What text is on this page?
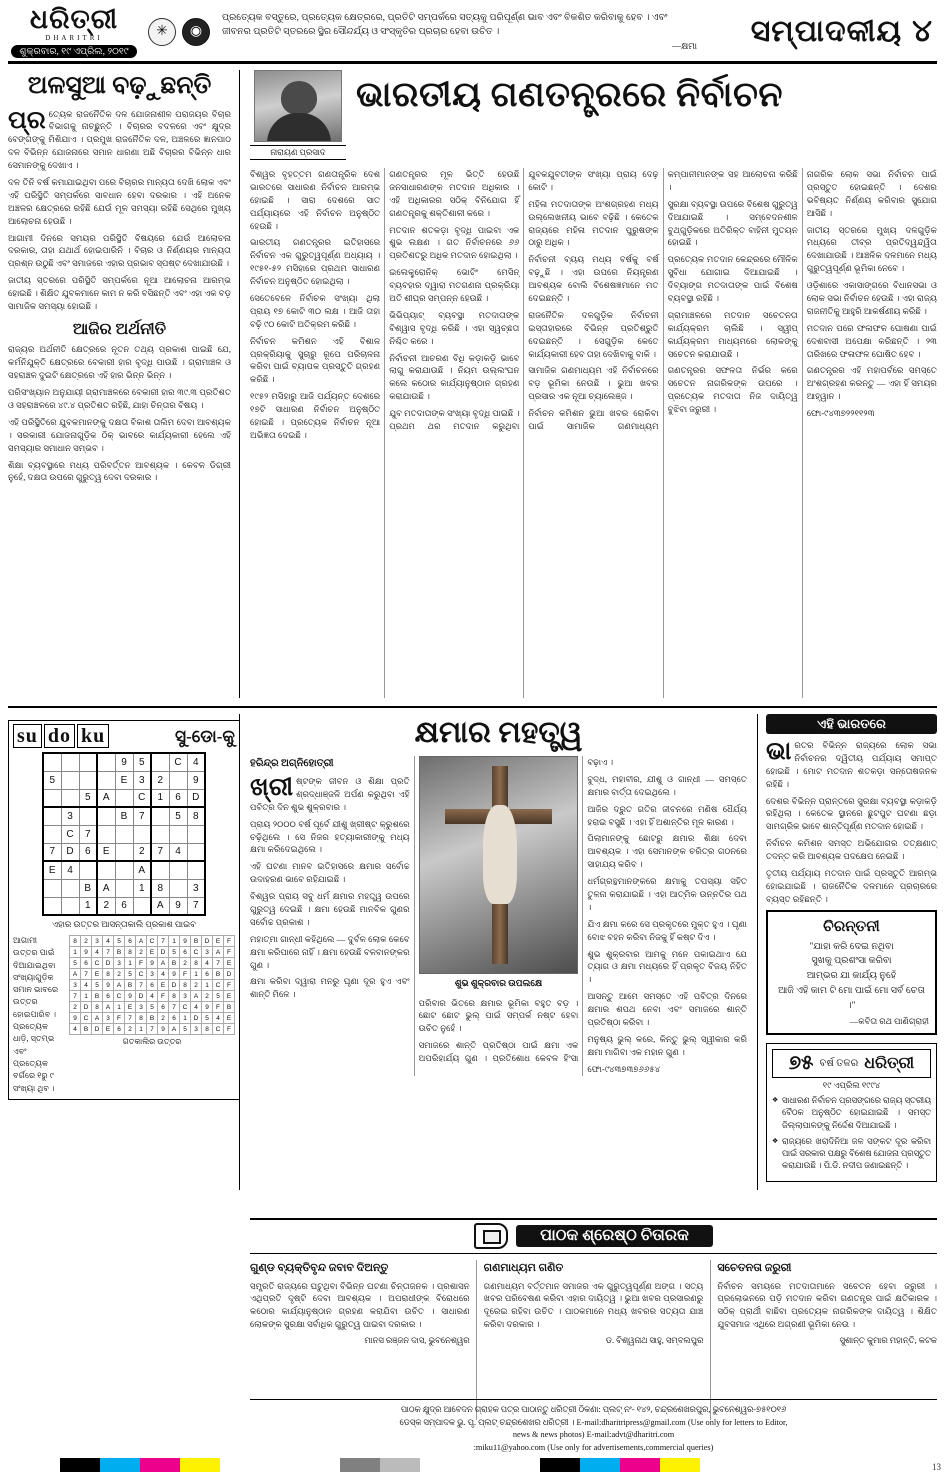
ଧରିତ୍ରୀ
DHARITRI
ଶୁକ୍ରବାର, ୧୯ ଏପ୍ରିଲ, ୨୦୧୯
✳	◉
ପ୍ରତ୍ୟେକ ବସ୍ତୁରେ, ପ୍ରତ୍ୟେକ କ୍ଷେତ୍ରରେ, ପ୍ରତିଟି ସମ୍ପର୍କରେ ସତ୍ୟକୁ ପରିପୂର୍ଣ୍ଣ ଭାବ ଏବଂ ବିକଶିତ କରିବାକୁ ହେବ । ଏବଂ ଜୀବନର ପ୍ରତିଟି ସ୍ତରରେ ସ୍ଥିର ସୌନ୍ଦର୍ଯ୍ୟ ଓ ସଂସ୍କୃତିର ପ୍ରଚାର ହେବା ଉଚିତ ।
—କ୍ଷମା ସମ୍ପାଦକୀୟ ୪
ଅଳସୁଆ ବଢ଼ୁଛନ୍ତି

ପ୍ରତ୍ୟେକ ରାଜନୈତିକ ଦଳ ଯୋଜନାଶୀଳ ପରାଜୟର ବିଚାର ବିଭାଗକୁ ନାଚ୍ଛୁନ୍ତି । ବିଚାରର ବଦଳରେ ଏବଂ କ୍ଷୁଦ୍ର ବେଙ୍ଗଙ୍କୁ ମିଶିଯାଏ । ପ୍ରମୁଖ ରାଜନୈତିକ ଦଳ, ଅଞ୍ଚଳରେ ଜ୍ଞାନପାଠ ଦଳ ବିଭିନ୍ନ ଯୋଜନାରେ ସମାନ ଧାରଣା ଅଛି ବିଚାରର ବିଭିନ୍ନ ଧାର ସେମାନଙ୍କୁ ଦେଖାଏ ।

ଦଳ ତିନି ବର୍ଷ କମାଯାଇଥିବା ପରେ ବିଚାରର ମାନ୍ୟତା ଦେଖି ଲୋକ ଏବଂ ଏହି ପରିସ୍ଥିତି ସମ୍ପର୍କରେ ସାବଧାନ ହେବା ଦରକାର । ଏହି ଅନେକ ଅଞ୍ଚଳର କ୍ଷେତ୍ରରେ ରହିଛି ଯେଉଁ ମୂଳ ସମସ୍ୟା ରହିଛି ସେଥିରେ ମୁଖ୍ୟ ଆଲୋଚନା ହେଉଛି ।

ଆଗାମୀ ଦିନରେ ସମୟର ପରିସ୍ଥିତି ବିଷୟରେ ଯେଉଁ ଆଲୋଚନା ଦରକାର, ତାହା ଯଥାର୍ଥ ହୋଇପାରିନି । ବିଚାର ଓ ନିର୍ଣ୍ଣୟର ମାନ୍ୟତା ପ୍ରଶ୍ନ ଉଠୁଛି ଏବଂ ସମାଜରେ ଏହାର ପ୍ରଭାବ ସ୍ପଷ୍ଟ ଦେଖାଯାଉଛି ।

ଜାତୀୟ ସ୍ତରରେ ପରିସ୍ଥିତି ସମ୍ପର୍କରେ ନୂଆ ଆଲୋଚନା ଆରମ୍ଭ ହୋଇଛି । ଶିକ୍ଷିତ ଯୁବକମାନେ କାମ ନ କରି ବସିଛନ୍ତି ଏବଂ ଏହା ଏକ ବଡ଼ ସାମାଜିକ ସମସ୍ୟା ହୋଇଛି ।

ଆଜିର ଅର୍ଥନୀତି

ରାଜ୍ୟର ଅର୍ଥନୀତି କ୍ଷେତ୍ରରେ ନୂତନ ତଥ୍ୟ ପ୍ରକାଶ ପାଇଛି ଯେ, କର୍ମନିଯୁକ୍ତି କ୍ଷେତ୍ରରେ ବେକାରୀ ହାର ବୃଦ୍ଧି ପାଉଛି । ଗ୍ରାମାଞ୍ଚଳ ଓ ସହରାଞ୍ଚଳ ଦୁଇଟି କ୍ଷେତ୍ରରେ ଏହି ହାର ଭିନ୍ନ ଭିନ୍ନ ।

ପରିସଂଖ୍ୟାନ ଅନୁଯାୟୀ ଗ୍ରାମାଞ୍ଚଳରେ ବେକାରୀ ହାର ୩୯.୩ ପ୍ରତିଶତ ଓ ସହରାଞ୍ଚଳରେ ୪୯.୪ ପ୍ରତିଶତ ରହିଛି, ଯାହା ଚିନ୍ତାର ବିଷୟ ।

ଏହି ପରିସ୍ଥିତିରେ ଯୁବକମାନଙ୍କୁ ଦକ୍ଷତା ବିକାଶ ତାଲିମ ଦେବା ଆବଶ୍ୟକ । ସରକାରୀ ଯୋଜନାଗୁଡ଼ିକ ଠିକ୍ ଭାବରେ କାର୍ଯ୍ୟକାରୀ ହେଲେ ଏହି ସମସ୍ୟାର ସମାଧାନ ସମ୍ଭବ ।

ଶିକ୍ଷା ବ୍ୟବସ୍ଥାରେ ମଧ୍ୟ ପରିବର୍ତ୍ତନ ଆବଶ୍ୟକ । କେବଳ ଡିଗ୍ରୀ ନୁହେଁ, ଦକ୍ଷତା ଉପରେ ଗୁରୁତ୍ୱ ଦେବା ଦରକାର ।

ନାରାୟଣ ପ୍ରସାଦ
ଭାରତୀୟ ଗଣତନ୍ତ୍ରରେ ନିର୍ବାଚନ

ବିଶ୍ୱର ବୃହତ୍ତମ ଗଣତାନ୍ତ୍ରିକ ଦେଶ ଭାରତରେ ସାଧାରଣ ନିର୍ବାଚନ ଆରମ୍ଭ ହୋଇଛି । ସାରା ଦେଶରେ ସାତ ପର୍ଯ୍ୟାୟରେ ଏହି ନିର୍ବାଚନ ଅନୁଷ୍ଠିତ ହେଉଛି ।

ଭାରତୀୟ ଗଣତନ୍ତ୍ରର ଇତିହାସରେ ନିର୍ବାଚନ ଏକ ଗୁରୁତ୍ୱପୂର୍ଣ୍ଣ ଅଧ୍ୟାୟ । ୧୯୫୧-୫୨ ମସିହାରେ ପ୍ରଥମ ସାଧାରଣ ନିର୍ବାଚନ ଅନୁଷ୍ଠିତ ହୋଇଥିଲା ।

ସେତେବେଳେ ନିର୍ବାଚକ ସଂଖ୍ୟା ଥିଲା ପ୍ରାୟ ୧୭ କୋଟି ୩୦ ଲକ୍ଷ । ଆଜି ତାହା ବଢ଼ି ୯୦ କୋଟି ଅତିକ୍ରମ କରିଛି ।

ନିର୍ବାଚନ କମିଶନ ଏହି ବିଶାଳ ପ୍ରକ୍ରିୟାକୁ ସୁଚାରୁ ରୂପେ ପରିଚାଳନା କରିବା ପାଇଁ ବ୍ୟାପକ ପ୍ରସ୍ତୁତି ଗ୍ରହଣ କରିଛି ।

୧୯୫୨ ମସିହାରୁ ଆଜି ପର୍ଯ୍ୟନ୍ତ ଦେଶରେ ୧୭ଟି ସାଧାରଣ ନିର୍ବାଚନ ଅନୁଷ୍ଠିତ ହୋଇଛି । ପ୍ରତ୍ୟେକ ନିର୍ବାଚନ ନୂଆ ଅଭିଜ୍ଞତା ଦେଇଛି ।

ଗଣତନ୍ତ୍ରର ମୂଳ ଭିତ୍ତି ହେଉଛି ଜନସାଧାରଣଙ୍କ ମତଦାନ ଅଧିକାର । ଏହି ଅଧିକାରର ସଠିକ୍ ବିନିଯୋଗ ହିଁ ଗଣତନ୍ତ୍ରକୁ ଶକ୍ତିଶାଳୀ କରେ ।

ମତଦାନ ଶତକଡ଼ା ବୃଦ୍ଧି ପାଇବା ଏକ ଶୁଭ ଲକ୍ଷଣ । ଗତ ନିର୍ବାଚନରେ ୬୬ ପ୍ରତିଶତରୁ ଅଧିକ ମତଦାନ ହୋଇଥିଲା ।

ଇଲେକ୍ଟ୍ରୋନିକ୍ ଭୋଟିଂ ମେସିନ୍ ବ୍ୟବହାର ଦ୍ୱାରା ମତଗଣନା ପ୍ରକ୍ରିୟା ଅତି ଶୀଘ୍ର ସମ୍ପନ୍ନ ହେଉଛି ।

ଭିଭିପ୍ୟାଟ୍ ବ୍ୟବସ୍ଥା ମତଦାତାଙ୍କ ବିଶ୍ୱାସ ବୃଦ୍ଧି କରିଛି । ଏହା ସ୍ୱଚ୍ଛତା ନିଶ୍ଚିତ କରେ ।

ନିର୍ବାଚନୀ ଆଚରଣ ବିଧି କଡ଼ାକଡ଼ି ଭାବେ ଲାଗୁ କରାଯାଉଛି । ନିୟମ ଉଲ୍ଲଂଘନ କଲେ କଠୋର କାର୍ଯ୍ୟାନୁଷ୍ଠାନ ଗ୍ରହଣ କରାଯାଉଛି ।

ଯୁବ ମତଦାତାଙ୍କ ସଂଖ୍ୟା ବୃଦ୍ଧି ପାଇଛି । ପ୍ରଥମ ଥର ମତଦାନ କରୁଥିବା ଯୁବକଯୁବତୀଙ୍କ ସଂଖ୍ୟା ପ୍ରାୟ ଦେଢ଼ କୋଟି ।

ମହିଳା ମତଦାତାଙ୍କ ଅଂଶଗ୍ରହଣ ମଧ୍ୟ ଉଲ୍ଲେଖନୀୟ ଭାବେ ବଢ଼ିଛି । କେତେକ ରାଜ୍ୟରେ ମହିଳା ମତଦାନ ପୁରୁଷଙ୍କ ଠାରୁ ଅଧିକ ।

ନିର୍ବାଚନୀ ବ୍ୟୟ ମଧ୍ୟ ବର୍ଷକୁ ବର୍ଷ ବଢ଼ୁଛି । ଏହା ଉପରେ ନିୟନ୍ତ୍ରଣ ଆବଶ୍ୟକ ବୋଲି ବିଶେଷଜ୍ଞମାନେ ମତ ଦେଇଛନ୍ତି ।

ରାଜନୈତିକ ଦଳଗୁଡ଼ିକ ନିର୍ବାଚନୀ ଇସ୍ତାହାରରେ ବିଭିନ୍ନ ପ୍ରତିଶ୍ରୁତି ଦେଇଛନ୍ତି । ସେଗୁଡ଼ିକ କେତେ କାର୍ଯ୍ୟକାରୀ ହେବ ତାହା ଦେଖିବାକୁ ବାକି ।

ସାମାଜିକ ଗଣମାଧ୍ୟମ ଏହି ନିର୍ବାଚନରେ ବଡ଼ ଭୂମିକା ନେଉଛି । ଭୁଆ ଖବର ପ୍ରସାର ଏକ ନୂଆ ଚ୍ୟାଲେଞ୍ଜ ।

ନିର୍ବାଚନ କମିଶନ ଭୁଆ ଖବର ରୋକିବା ପାଇଁ ସାମାଜିକ ଗଣମାଧ୍ୟମ କମ୍ପାନୀମାନଙ୍କ ସହ ଆଲୋଚନା କରିଛି ।

ସୁରକ୍ଷା ବ୍ୟବସ୍ଥା ଉପରେ ବିଶେଷ ଗୁରୁତ୍ୱ ଦିଆଯାଇଛି । ସମ୍ବେଦନଶୀଳ ବୁଥ୍‌ଗୁଡ଼ିକରେ ଅତିରିକ୍ତ ବାହିନୀ ମୁତୟନ ହୋଇଛି ।

ପ୍ରତ୍ୟେକ ମତଦାନ କେନ୍ଦ୍ରରେ ମୌଳିକ ସୁବିଧା ଯୋଗାଇ ଦିଆଯାଇଛି । ଦିବ୍ୟାଙ୍ଗ ମତଦାତାଙ୍କ ପାଇଁ ବିଶେଷ ବ୍ୟବସ୍ଥା ରହିଛି ।

ଗ୍ରାମାଞ୍ଚଳରେ ମତଦାନ ସଚେତନତା କାର୍ଯ୍ୟକ୍ରମ ଚାଲିଛି । ସ୍ୱୀପ୍ କାର୍ଯ୍ୟକ୍ରମ ମାଧ୍ୟମରେ ଲୋକଙ୍କୁ ସଚେତନ କରାଯାଉଛି ।

ଗଣତନ୍ତ୍ରର ସଫଳତା ନିର୍ଭର କରେ ସଚେତନ ନାଗରିକଙ୍କ ଉପରେ । ପ୍ରତ୍ୟେକ ମତଦାତା ନିଜ ଦାୟିତ୍ୱ ବୁଝିବା ଜରୁରୀ ।

ନାଗରିକ ଲୋକ ସଭା ନିର୍ବାଚନ ପାଇଁ ପ୍ରସ୍ତୁତ ହୋଇଛନ୍ତି । ଦେଶର ଭବିଷ୍ୟତ ନିର୍ଣ୍ଣୟ କରିବାର ସୁଯୋଗ ଆସିଛି ।

ଜାତୀୟ ସ୍ତରରେ ମୁଖ୍ୟ ଦଳଗୁଡ଼ିକ ମଧ୍ୟରେ ତୀବ୍ର ପ୍ରତିଦ୍ୱନ୍ଦ୍ୱିତା ଦେଖାଯାଉଛି । ଆଞ୍ଚଳିକ ଦଳମାନେ ମଧ୍ୟ ଗୁରୁତ୍ୱପୂର୍ଣ୍ଣ ଭୂମିକା ନେବେ ।

ଓଡ଼ିଶାରେ ଏକାସାଙ୍ଗରେ ବିଧାନସଭା ଓ ଲୋକ ସଭା ନିର୍ବାଚନ ହେଉଛି । ଏହା ରାଜ୍ୟ ରାଜନୀତିକୁ ଆହୁରି ଆକର୍ଷଣୀୟ କରିଛି ।

ମତଦାନ ପରେ ଫଳାଫଳ ଘୋଷଣା ପାଇଁ ଦେଶବାସୀ ଅପେକ୍ଷା କରିଛନ୍ତି । ୨୩ ତାରିଖରେ ଫଳାଫଳ ଘୋଷିତ ହେବ ।

ଗଣତନ୍ତ୍ରର ଏହି ମହାପର୍ବରେ ସମସ୍ତେ ଅଂଶଗ୍ରହଣ କରନ୍ତୁ — ଏହା ହିଁ ସମୟର ଆହ୍ୱାନ ।

ଫୋ-୯୪୩୭୨୨୧୧୨୩

su do ku	ସୁ-ଡୋ-କୁ
				9	5		C	4
5				E	3	2		9
		5	A		C	1	6	D
	3			B	7		5	8
	C	7						
7	D	6	E		2	7	4	
E	4				A			
		B	A		1	8		3
		1	2	6		A	9	7
ଏହାର ଉତ୍ତର ଆସନ୍ତାକାଲି ପ୍ରକାଶ ପାଇବ
ଆଗାମୀ ଉତ୍ତର ପାଇଁ ଦିଆଯାଇଥିବା ସଂଖ୍ୟାଗୁଡ଼ିକ ସମାନ ଭାବରେ ଉତ୍ତର ହୋଇପାରିବ । ପ୍ରତ୍ୟେକ ଧାଡ଼ି, ସ୍ତମ୍ଭ ଏବଂ ପ୍ରତ୍ୟେକ ବର୍ଗରେ ୧ରୁ ୯ ସଂଖ୍ୟା ଥିବ ।
8	2	3	4	5	6	A	C	7	1	9	B	D	E	F
1	9	4	7	B	8	2	E	D	5	6	C	3	A	F
5	6	C	D	3	1	F	9	A	B	2	8	4	7	E
A	7	E	8	2	5	C	3	4	9	F	1	6	B	D
3	4	5	9	A	B	7	6	E	D	8	2	1	C	F
7	1	B	6	C	9	D	4	F	8	3	A	2	5	E
2	D	8	A	1	E	3	5	6	7	C	4	9	F	B
9	C	A	3	F	7	8	B	2	6	1	D	5	4	E
4	B	D	E	6	2	1	7	9	A	5	3	8	C	F
ଗତକାଲିର ଉତ୍ତର
କ୍ଷମାର ମହତ୍ତ୍ୱ
ହରିନ୍ଦ୍ର ଅଗ୍ନିହୋତ୍ରୀ

ଖ୍ରୀଷ୍ଟଙ୍କ ଜୀବନ ଓ ଶିକ୍ଷା ପ୍ରତି ଶ୍ରଦ୍ଧାଞ୍ଜଳି ଅର୍ପଣ କରୁଥିବା ଏହି ପବିତ୍ର ଦିନ ଶୁଭ ଶୁକ୍ରବାର ।

ପ୍ରାୟ ୨୦୦୦ ବର୍ଷ ପୂର୍ବେ ଯୀଶୁ ଖ୍ରୀଷ୍ଟ କ୍ରୁଶରେ ଚଢ଼ିଥିଲେ । ସେ ନିଜର ହତ୍ୟାକାରୀଙ୍କୁ ମଧ୍ୟ କ୍ଷମା କରିଦେଇଥିଲେ ।

ଏହି ଘଟଣା ମାନବ ଇତିହାସରେ କ୍ଷମାର ସର୍ବୋଚ୍ଚ ଉଦାହରଣ ଭାବେ ରହିଯାଇଛି ।

ବିଶ୍ୱର ପ୍ରାୟ ସବୁ ଧର୍ମ କ୍ଷମାର ମହତ୍ତ୍ୱ ଉପରେ ଗୁରୁତ୍ୱ ଦେଇଛି । କ୍ଷମା ହେଉଛି ମାନବିକ ଗୁଣର ସର୍ବୋଚ୍ଚ ପ୍ରକାଶ ।

ମହାତ୍ମା ଗାନ୍ଧୀ କହିଥିଲେ — ଦୁର୍ବଳ ଲୋକ କେବେ କ୍ଷମା କରିପାରେ ନାହିଁ । କ୍ଷମା ହେଉଛି ବଳବାନଙ୍କର ଗୁଣ ।

କ୍ଷମା କରିବା ଦ୍ୱାରା ମନରୁ ଘୃଣା ଦୂର ହୁଏ ଏବଂ ଶାନ୍ତି ମିଳେ ।

ଶୁଭ ଶୁକ୍ରବାର ଉପଲକ୍ଷେ

ପରିବାର ଭିତରେ କ୍ଷମାର ଭୂମିକା ବହୁତ ବଡ଼ । ଛୋଟ ଛୋଟ ଭୁଲ୍ ପାଇଁ ସମ୍ପର୍କ ନଷ୍ଟ ହେବା ଉଚିତ ନୁହେଁ ।

ସମାଜରେ ଶାନ୍ତି ପ୍ରତିଷ୍ଠା ପାଇଁ କ୍ଷମା ଏକ ଅପରିହାର୍ଯ୍ୟ ଗୁଣ । ପ୍ରତିଶୋଧ କେବଳ ହିଂସା ବଢ଼ାଏ ।

ବୁଦ୍ଧ, ମହାବୀର, ଯୀଶୁ ଓ ଗାନ୍ଧୀ — ସମସ୍ତେ କ୍ଷମାର ବାର୍ତ୍ତା ଦେଇଥିଲେ ।

ଆଜିର ଦ୍ରୁତ ଗତିର ଜୀବନରେ ମଣିଷ ଧୈର୍ଯ୍ୟ ହରାଇ ବସୁଛି । ଏହା ହିଁ ଅଶାନ୍ତିର ମୂଳ କାରଣ ।

ପିଲାମାନଙ୍କୁ ଛୋଟରୁ କ୍ଷମାର ଶିକ୍ଷା ଦେବା ଆବଶ୍ୟକ । ଏହା ସେମାନଙ୍କ ଚରିତ୍ର ଗଠନରେ ସାହାଯ୍ୟ କରିବ ।

ଧର୍ମଗ୍ରନ୍ଥମାନଙ୍କରେ କ୍ଷମାକୁ ତପସ୍ୟା ସହିତ ତୁଳନା କରାଯାଇଛି । ଏହା ଆତ୍ମିକ ଉନ୍ନତିର ପଥ ।

ଯିଏ କ୍ଷମା କରେ ସେ ପ୍ରକୃତରେ ମୁକ୍ତ ହୁଏ । ଘୃଣା ବୋଝ ବହନ କରିବା ନିଜକୁ ହିଁ କଷ୍ଟ ଦିଏ ।

ଶୁଭ ଶୁକ୍ରବାର ଆମକୁ ମନେ ପକାଇଥାଏ ଯେ ତ୍ୟାଗ ଓ କ୍ଷମା ମଧ୍ୟରେ ହିଁ ପ୍ରକୃତ ବିଜୟ ନିହିତ ।

ଆସନ୍ତୁ ଆମେ ସମସ୍ତେ ଏହି ପବିତ୍ର ଦିନରେ କ୍ଷମାର ଶପଥ ନେବା ଏବଂ ସମାଜରେ ଶାନ୍ତି ପ୍ରତିଷ୍ଠା କରିବା ।

ମନୁଷ୍ୟ ଭୁଲ୍ କରେ, କିନ୍ତୁ ଭୁଲ୍ ସ୍ୱୀକାର କରି କ୍ଷମା ମାଗିବା ଏକ ମହାନ ଗୁଣ ।

ଫୋ-୯୪୩୭୩୭୬୬୫୪

ଏହି ଭାରତରେ

ଭାରତର ବିଭିନ୍ନ ରାଜ୍ୟରେ ଲୋକ ସଭା ନିର୍ବାଚନର ଦ୍ୱିତୀୟ ପର୍ଯ୍ୟାୟ ସମାପ୍ତ ହୋଇଛି । ମୋଟ ମତଦାନ ଶତକଡ଼ା ସନ୍ତୋଷଜନକ ରହିଛି ।

ଦେଶର ବିଭିନ୍ନ ପ୍ରାନ୍ତରେ ସୁରକ୍ଷା ବ୍ୟବସ୍ଥା କଡ଼ାକଡ଼ି ରହିଥିଲା । କେତେକ ସ୍ଥାନରେ ଛୁଟପୁଟ ଘଟଣା ଛଡ଼ା ସାମଗ୍ରିକ ଭାବେ ଶାନ୍ତିପୂର୍ଣ୍ଣ ମତଦାନ ହୋଇଛି ।

ନିର୍ବାଚନ କମିଶନ ସମସ୍ତ ଅଭିଯୋଗର ତତ୍‌କ୍ଷଣାତ୍ ତଦନ୍ତ କରି ଆବଶ୍ୟକ ପଦକ୍ଷେପ ନେଇଛି ।

ତୃତୀୟ ପର୍ଯ୍ୟାୟ ମତଦାନ ପାଇଁ ପ୍ରସ୍ତୁତି ଆରମ୍ଭ ହୋଇଯାଇଛି । ରାଜନୈତିକ ଦଳମାନେ ପ୍ରଚାରରେ ବ୍ୟସ୍ତ ରହିଛନ୍ତି ।

ଚିରନ୍ତନୀ
"ଯାହା କରି ଦେଇ ନଥିବା
ସୁଖକୁ ପ୍ରଶଂସା କରିବା
ଆମ୍ଭର ଯା କାର୍ଯ୍ୟ ନୁହେଁ
ଆଜି ଏହି କାମ ଟି ମୋ ପାଇଁ ମୋ ସର୍ବ ଚେତା ।"
—କବିତା ରଥ ପାଣିଗ୍ରାହୀ
୭୫ ବର୍ଷ ତଳର ଧରିତ୍ରୀ
୧୯ ଏପ୍ରିଲ ୧୯୯୪
❖ ସାଧାରଣ ନିର୍ବାଚନ ପ୍ରସଙ୍ଗରେ ରାଜ୍ୟ ସ୍ତରୀୟ ବୈଠକ ଅନୁଷ୍ଠିତ ହୋଇଯାଇଛି । ସମସ୍ତ ଜିଲ୍ଲାପାଳଙ୍କୁ ନିର୍ଦ୍ଦେଶ ଦିଆଯାଇଛି ।
❖ ରାଜ୍ୟରେ ଖରାଦିନିଆ ଜଳ ସଙ୍କଟ ଦୂର କରିବା ପାଇଁ ସରକାର ପକ୍ଷରୁ ବିଶେଷ ଯୋଜନା ପ୍ରସ୍ତୁତ କରାଯାଉଛି । ପି.ଡି. ନଦୀପ ଜଣାଇଛନ୍ତି ।
ପାଠକ ଶ୍ରେଷ୍ଠ ଚିତାରକ
ଗୁଣ୍ଡ ବ୍ୟକ୍ତିବୃନ୍ଦ ଜବାବ ଦିଅନ୍ତୁ

ସମ୍ପ୍ରତି ରାଜ୍ୟରେ ଘଟୁଥିବା ବିଭିନ୍ନ ଘଟଣା ଚିନ୍ତାଜନକ । ପ୍ରଶାସନ ଏଥିପ୍ରତି ଦୃଷ୍ଟି ଦେବା ଆବଶ୍ୟକ । ଅପରାଧୀଙ୍କ ବିରୋଧରେ କଠୋର କାର୍ଯ୍ୟାନୁଷ୍ଠାନ ଗ୍ରହଣ କରାଯିବା ଉଚିତ । ସାଧାରଣ ଲୋକଙ୍କ ସୁରକ୍ଷା ସର୍ବାଧିକ ଗୁରୁତ୍ୱ ପାଇବା ଦରକାର ।

ମାନସ ରଞ୍ଜନ ଦାସ, ଭୁବନେଶ୍ୱର
ଗଣମାଧ୍ୟମ ଗଣିତ

ଗଣମାଧ୍ୟମ ବର୍ତ୍ତମାନ ସମାଜର ଏକ ଗୁରୁତ୍ୱପୂର୍ଣ୍ଣ ଅଙ୍ଗ । ସତ୍ୟ ଖବର ପରିବେଷଣ କରିବା ଏହାର ଦାୟିତ୍ୱ । ଭୁଆ ଖବର ପ୍ରସାରଣରୁ ଦୂରେଇ ରହିବା ଉଚିତ । ପାଠକମାନେ ମଧ୍ୟ ଖବରର ସତ୍ୟତା ଯାଞ୍ଚ କରିବା ଦରକାର ।

ଡ. ବିଶ୍ୱନାଥ ସାହୁ, ସମ୍ବଲପୁର
ସଚେତନତା ଜରୁରୀ

ନିର୍ବାଚନ ସମୟରେ ମତଦାତାମାନେ ସଚେତନ ହେବା ଜରୁରୀ । ପ୍ରଲୋଭନରେ ପଡ଼ି ମତଦାନ କରିବା ଗଣତନ୍ତ୍ର ପାଇଁ କ୍ଷତିକାରକ । ସଠିକ୍ ପ୍ରାର୍ଥୀ ବାଛିବା ପ୍ରତ୍ୟେକ ନାଗରିକଙ୍କ ଦାୟିତ୍ୱ । ଶିକ୍ଷିତ ଯୁବସମାଜ ଏଥିରେ ଅଗ୍ରଣୀ ଭୂମିକା ନେଉ ।

ସୁଶାନ୍ତ କୁମାର ମହାନ୍ତି, କଟକ
ପାଠକ କ୍ଷୁଦ୍ର ଆବେଦନ ଗ୍ରାହକ ପତ୍ର ପାଠାନ୍ତୁ ଧରିତ୍ରୀ ଠିକଣା: ପ୍ଲଟ୍ ନଂ- ୧୪୨, ଚନ୍ଦ୍ରଶେଖରପୁର, ଭୁବନେଶ୍ୱର-୭୫୧୦୧୬
ଡେସ୍କ ସମ୍ପାଦକ ଭୁ. ପୃ. ପ୍ଲଟ୍ ଚନ୍ଦ୍ରଶେଖର ଧରିତ୍ରୀ । E-mail:dharitripress@gmail.com (Use only for letters to Editor,
news & news photos) E-mail:advt@dharitri.com
:miku11@yahoo.com (Use only for advertisements,commercial queries)
13
